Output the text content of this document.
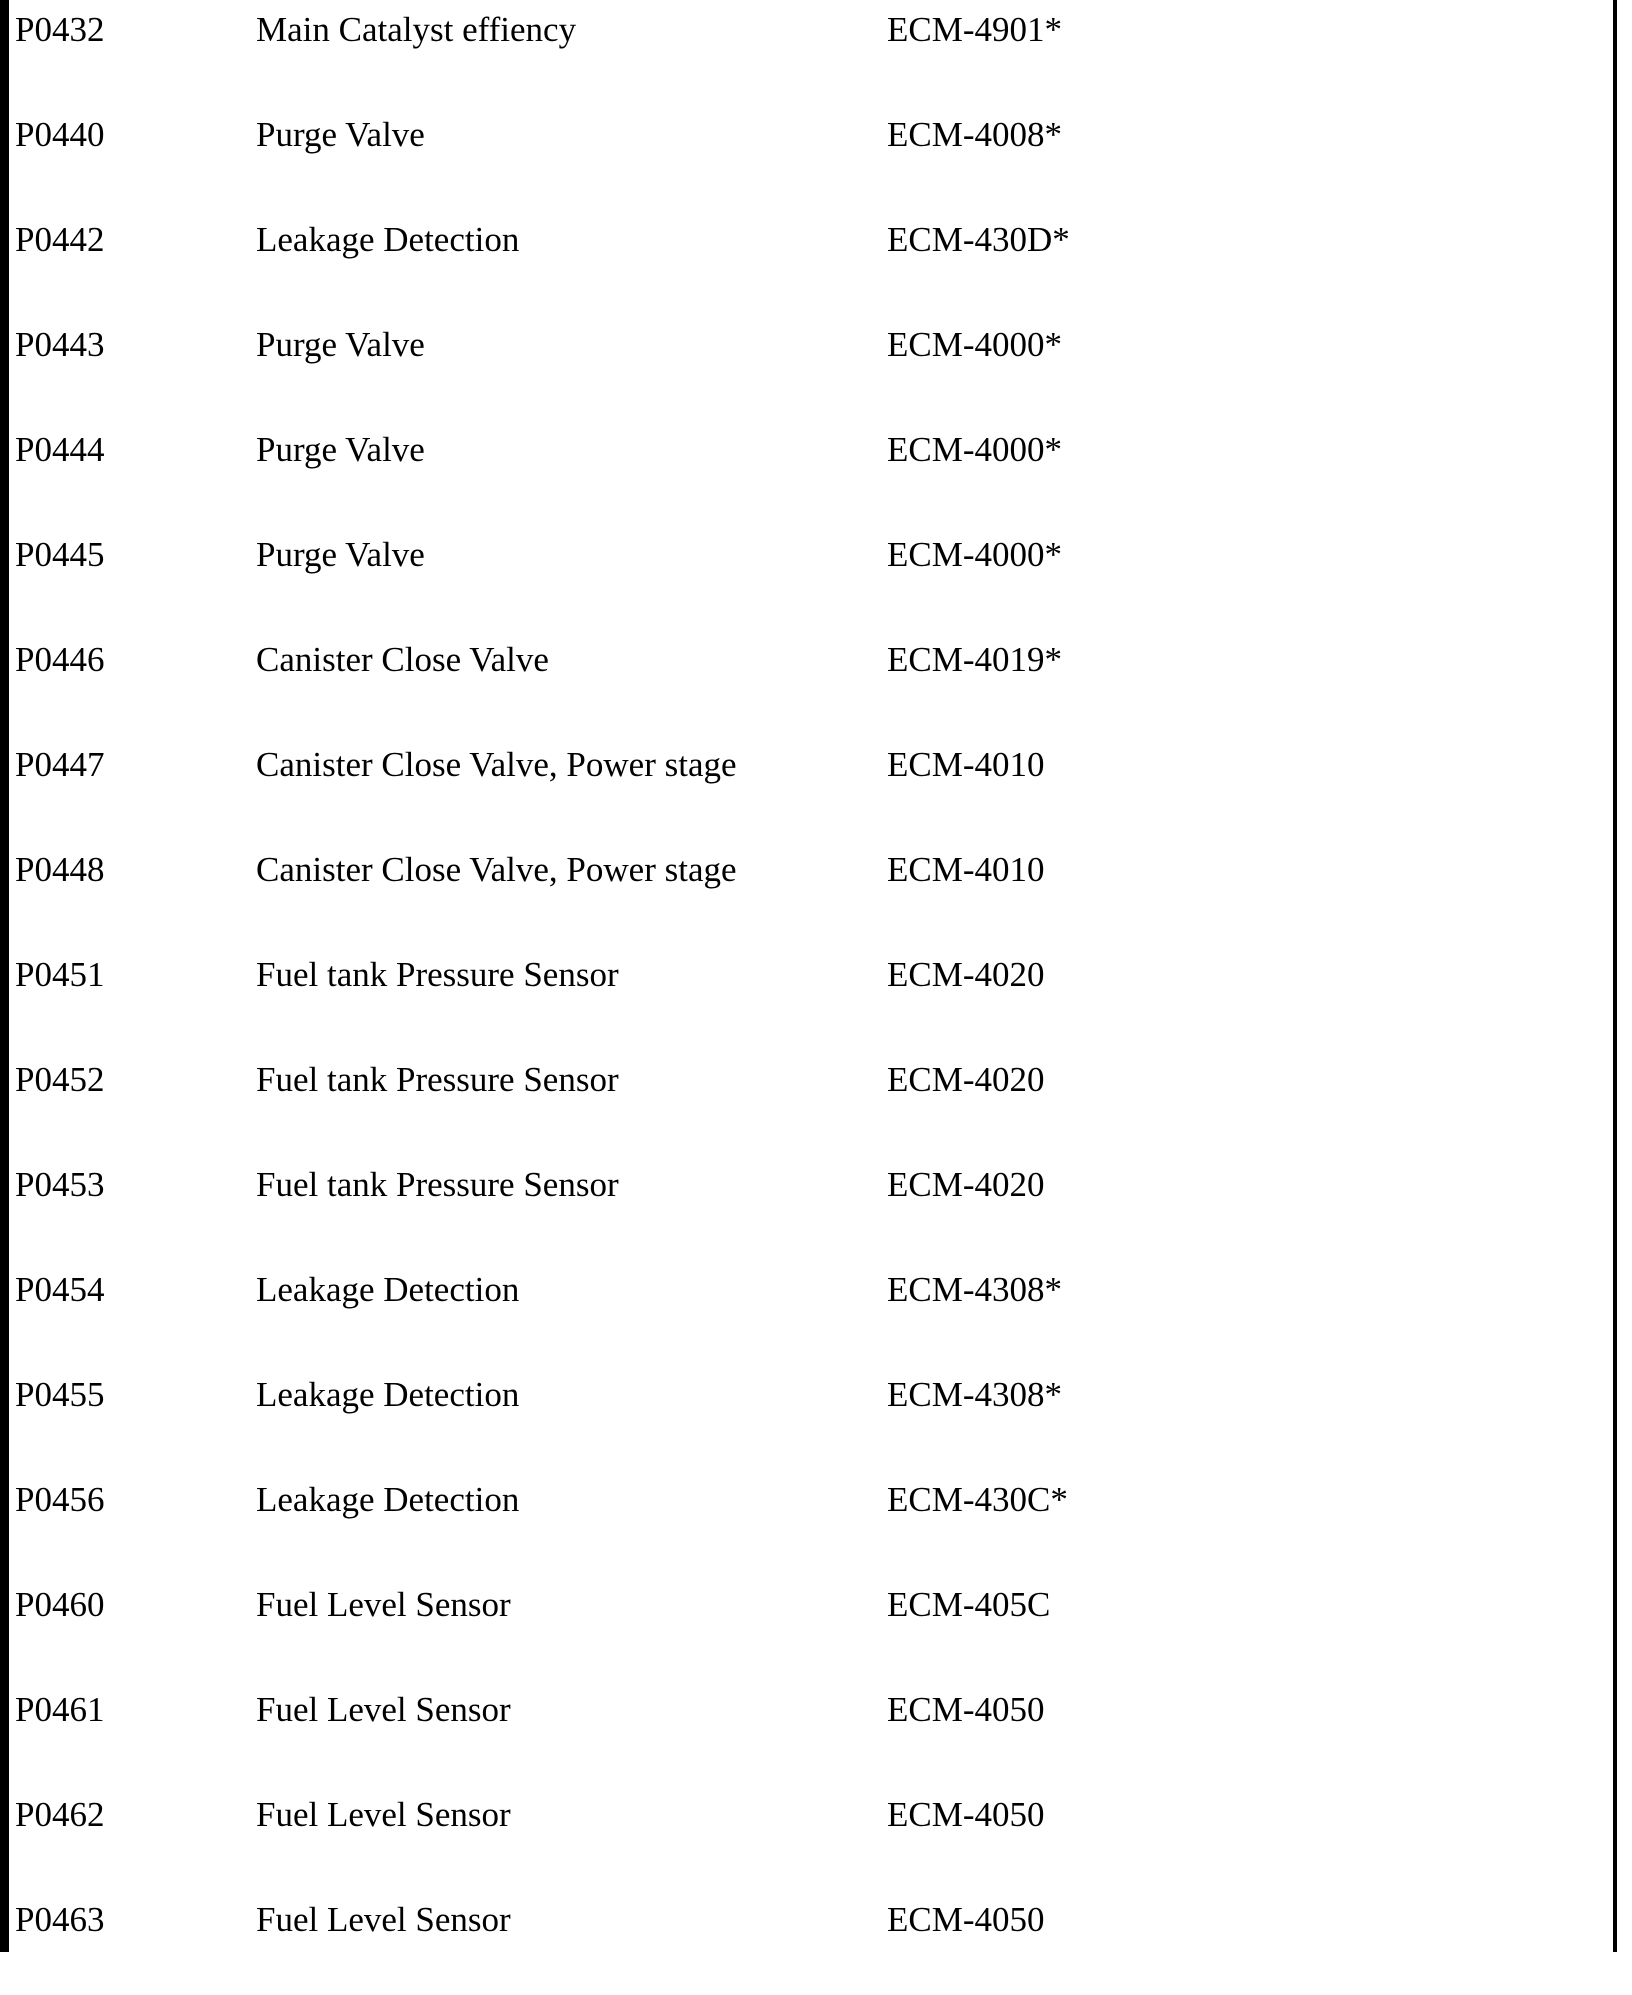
P0432	Main Catalyst effiency	ECM-4901*
P0440	Purge Valve	ECM-4008*
P0442	Leakage Detection	ECM-430D*
P0443	Purge Valve	ECM-4000*
P0444	Purge Valve	ECM-4000*
P0445	Purge Valve	ECM-4000*
P0446	Canister Close Valve	ECM-4019*
P0447	Canister Close Valve, Power stage	ECM-4010
P0448	Canister Close Valve, Power stage	ECM-4010
P0451	Fuel tank Pressure Sensor	ECM-4020
P0452	Fuel tank Pressure Sensor	ECM-4020
P0453	Fuel tank Pressure Sensor	ECM-4020
P0454	Leakage Detection	ECM-4308*
P0455	Leakage Detection	ECM-4308*
P0456	Leakage Detection	ECM-430C*
P0460	Fuel Level Sensor	ECM-405C
P0461	Fuel Level Sensor	ECM-4050
P0462	Fuel Level Sensor	ECM-4050
P0463	Fuel Level Sensor	ECM-4050
